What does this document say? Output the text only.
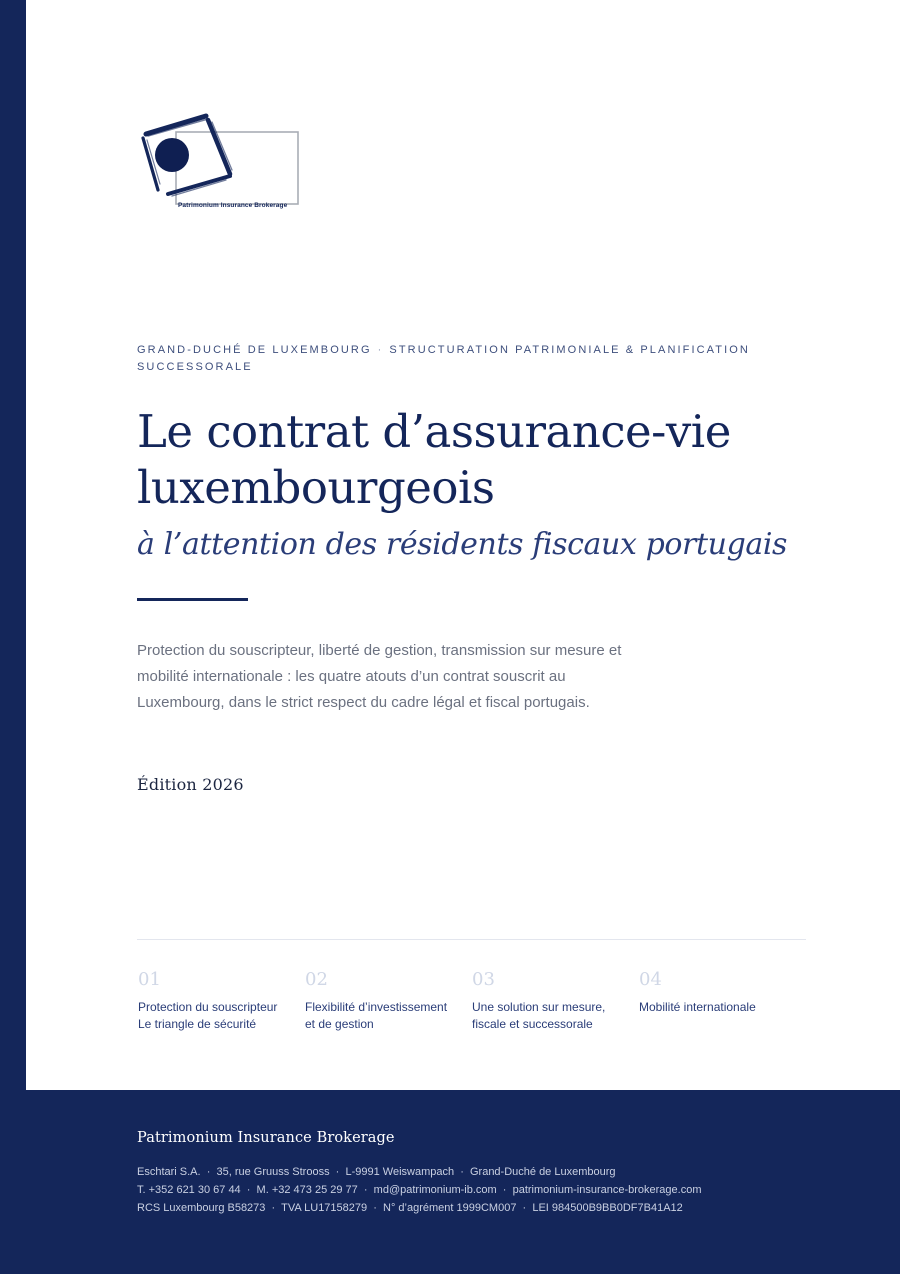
Patrimonium Insurance Brokerage
GRAND-DUCHÉ DE LUXEMBOURG · STRUCTURATION PATRIMONIALE & PLANIFICATION SUCCESSORALE
Le contrat d’assurance-vie
luxembourgeois
à l’attention des résidents fiscaux portugais

Protection du souscripteur, liberté de gestion, transmission sur mesure et mobilité internationale : les quatre atouts d’un contrat souscrit au Luxembourg, dans le strict respect du cadre légal et fiscal portugais.

Édition 2026
01
Protection du souscripteur
Le triangle de sécurité
02
Flexibilité d’investissement
et de gestion
03
Une solution sur mesure,
fiscale et successorale
04
Mobilité internationale
Patrimonium Insurance Brokerage
Eschtari S.A.  ·  35, rue Gruuss Strooss  ·  L-9991 Weiswampach  ·  Grand-Duché de Luxembourg
T. +352 621 30 67 44  ·  M. +32 473 25 29 77  ·  md@patrimonium-ib.com  ·  patrimonium-insurance-brokerage.com
RCS Luxembourg B58273  ·  TVA LU17158279  ·  N° d’agrément 1999CM007  ·  LEI 984500B9BB0DF7B41A12
